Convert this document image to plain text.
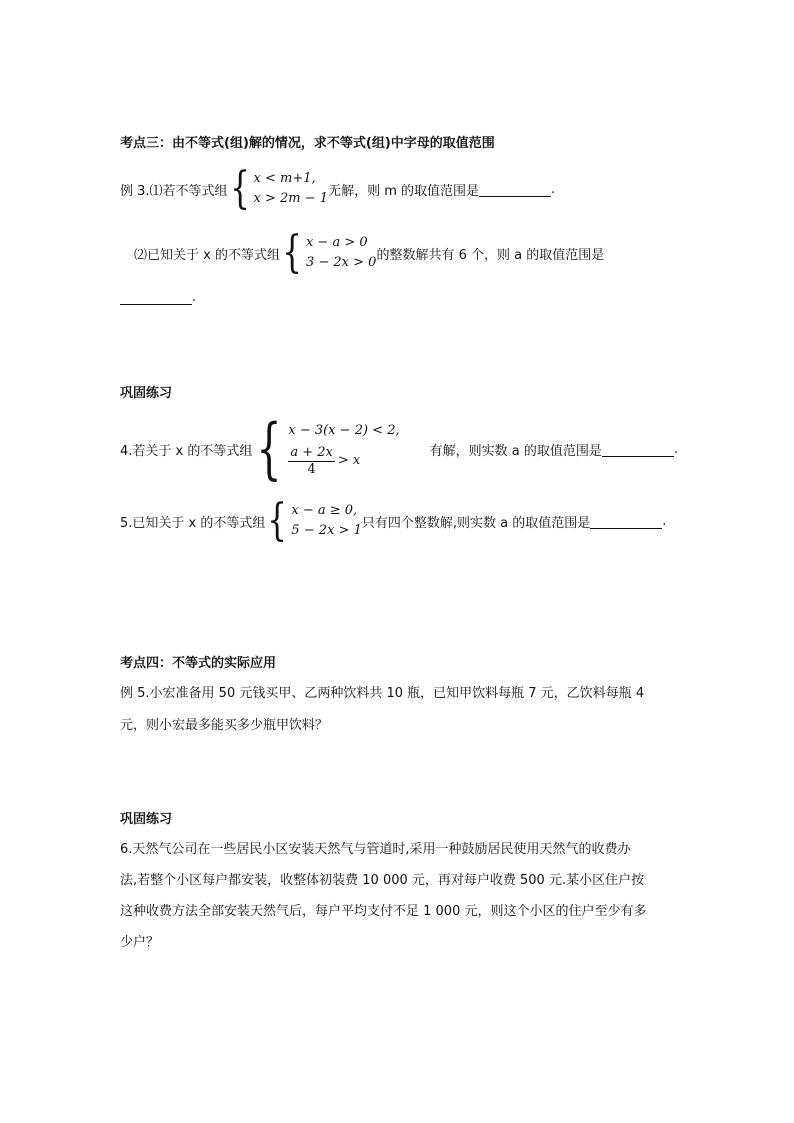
考点三：由不等式(组)解的情况，求不等式(组)中字母的取值范围
例 3.⑴若不等式组 { x < m+1,
x > 2m − 1 无解，则 m 的取值范围是	.
⑵已知关于 x 的不等式组 { x − a > 0
3 − 2x > 0 的整数解共有 6 个，则 a 的取值范围是
.
巩固练习
4.若关于 x 的不等式组 { x − 3(x − 2) < 2,
$\frac{a + 2x}{4} > x$
有解，则实数 a 的取值范围是	.
5.已知关于 x 的不等式组 { x − a ≥ 0,
5 − 2x > 1 只有四个整数解,则实数 a 的取值范围是	.
考点四：不等式的实际应用
例 5.小宏准备用 50 元钱买甲、乙两种饮料共 10 瓶，已知甲饮料每瓶 7 元，乙饮料每瓶 4
元，则小宏最多能买多少瓶甲饮料？
巩固练习
6.天然气公司在一些居民小区安装天然气与管道时,采用一种鼓励居民使用天然气的收费办
法,若整个小区每户都安装，收整体初装费 10 000 元，再对每户收费 500 元.某小区住户按
这种收费方法全部安装天然气后，每户平均支付不足 1 000 元，则这个小区的住户至少有多
少户？
